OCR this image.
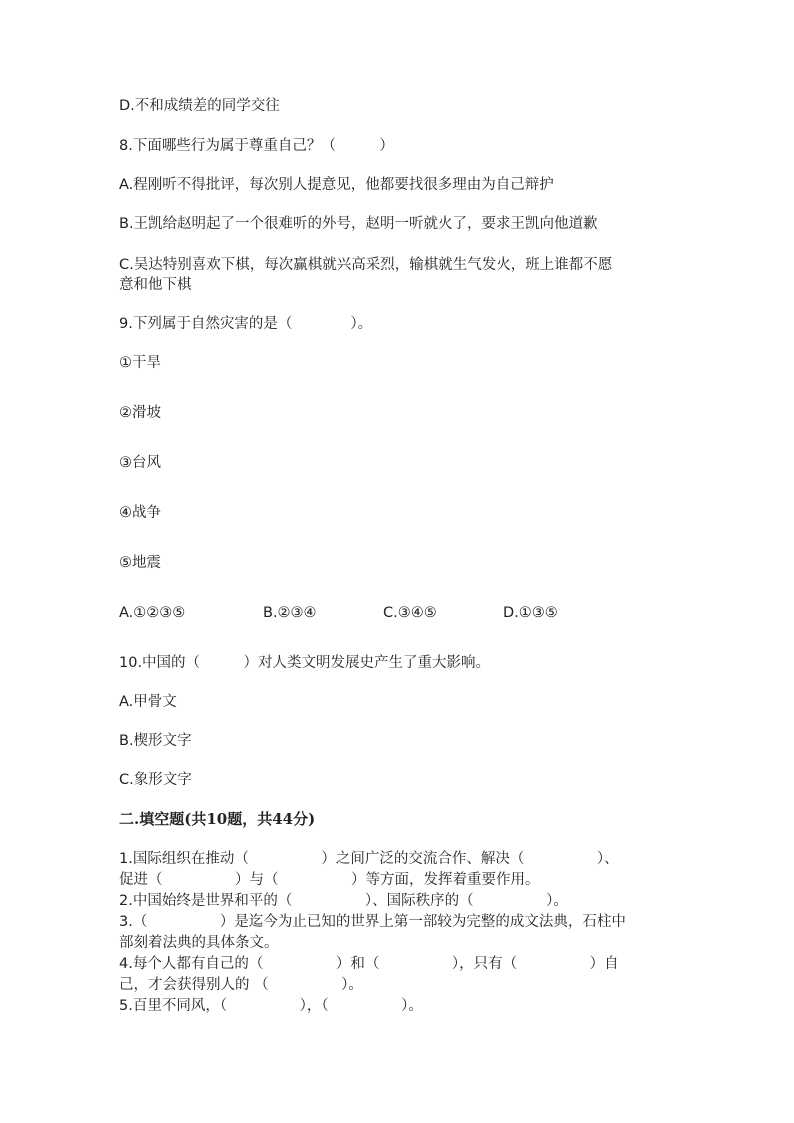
D.不和成绩差的同学交往
8.下面哪些行为属于尊重自己？（　　　）
A.程刚听不得批评，每次别人提意见，他都要找很多理由为自己辩护
B.王凯给赵明起了一个很难听的外号，赵明一听就火了，要求王凯向他道歉
C.吴达特别喜欢下棋，每次赢棋就兴高采烈，输棋就生气发火，班上谁都不愿
意和他下棋
9.下列属于自然灾害的是（　　　　）。
①干旱
②滑坡
③台风
④战争
⑤地震

A.①②③⑤

	B.②③④

	C.③④⑤

	D.①③⑤

10.中国的（　　　）对人类文明发展史产生了重大影响。
A.甲骨文
B.楔形文字
C.象形文字
二.填空题(共10题，共44分)
1.国际组织在推动（　　　　　）之间广泛的交流合作、解决（　　　　　）、
促进（　　　　　）与（　　　　　）等方面，发挥着重要作用。
2.中国始终是世界和平的（　　　　　）、国际秩序的（　　　　　）。
3.（　　　　　）是迄今为止已知的世界上第一部较为完整的成文法典，石柱中
部刻着法典的具体条文。
4.每个人都有自己的（　　　　　）和（　　　　　），只有（　　　　　）自
己，才会获得别人的 （　　　　　）。
5.百里不同风，（　　　　　），（　　　　　）。
